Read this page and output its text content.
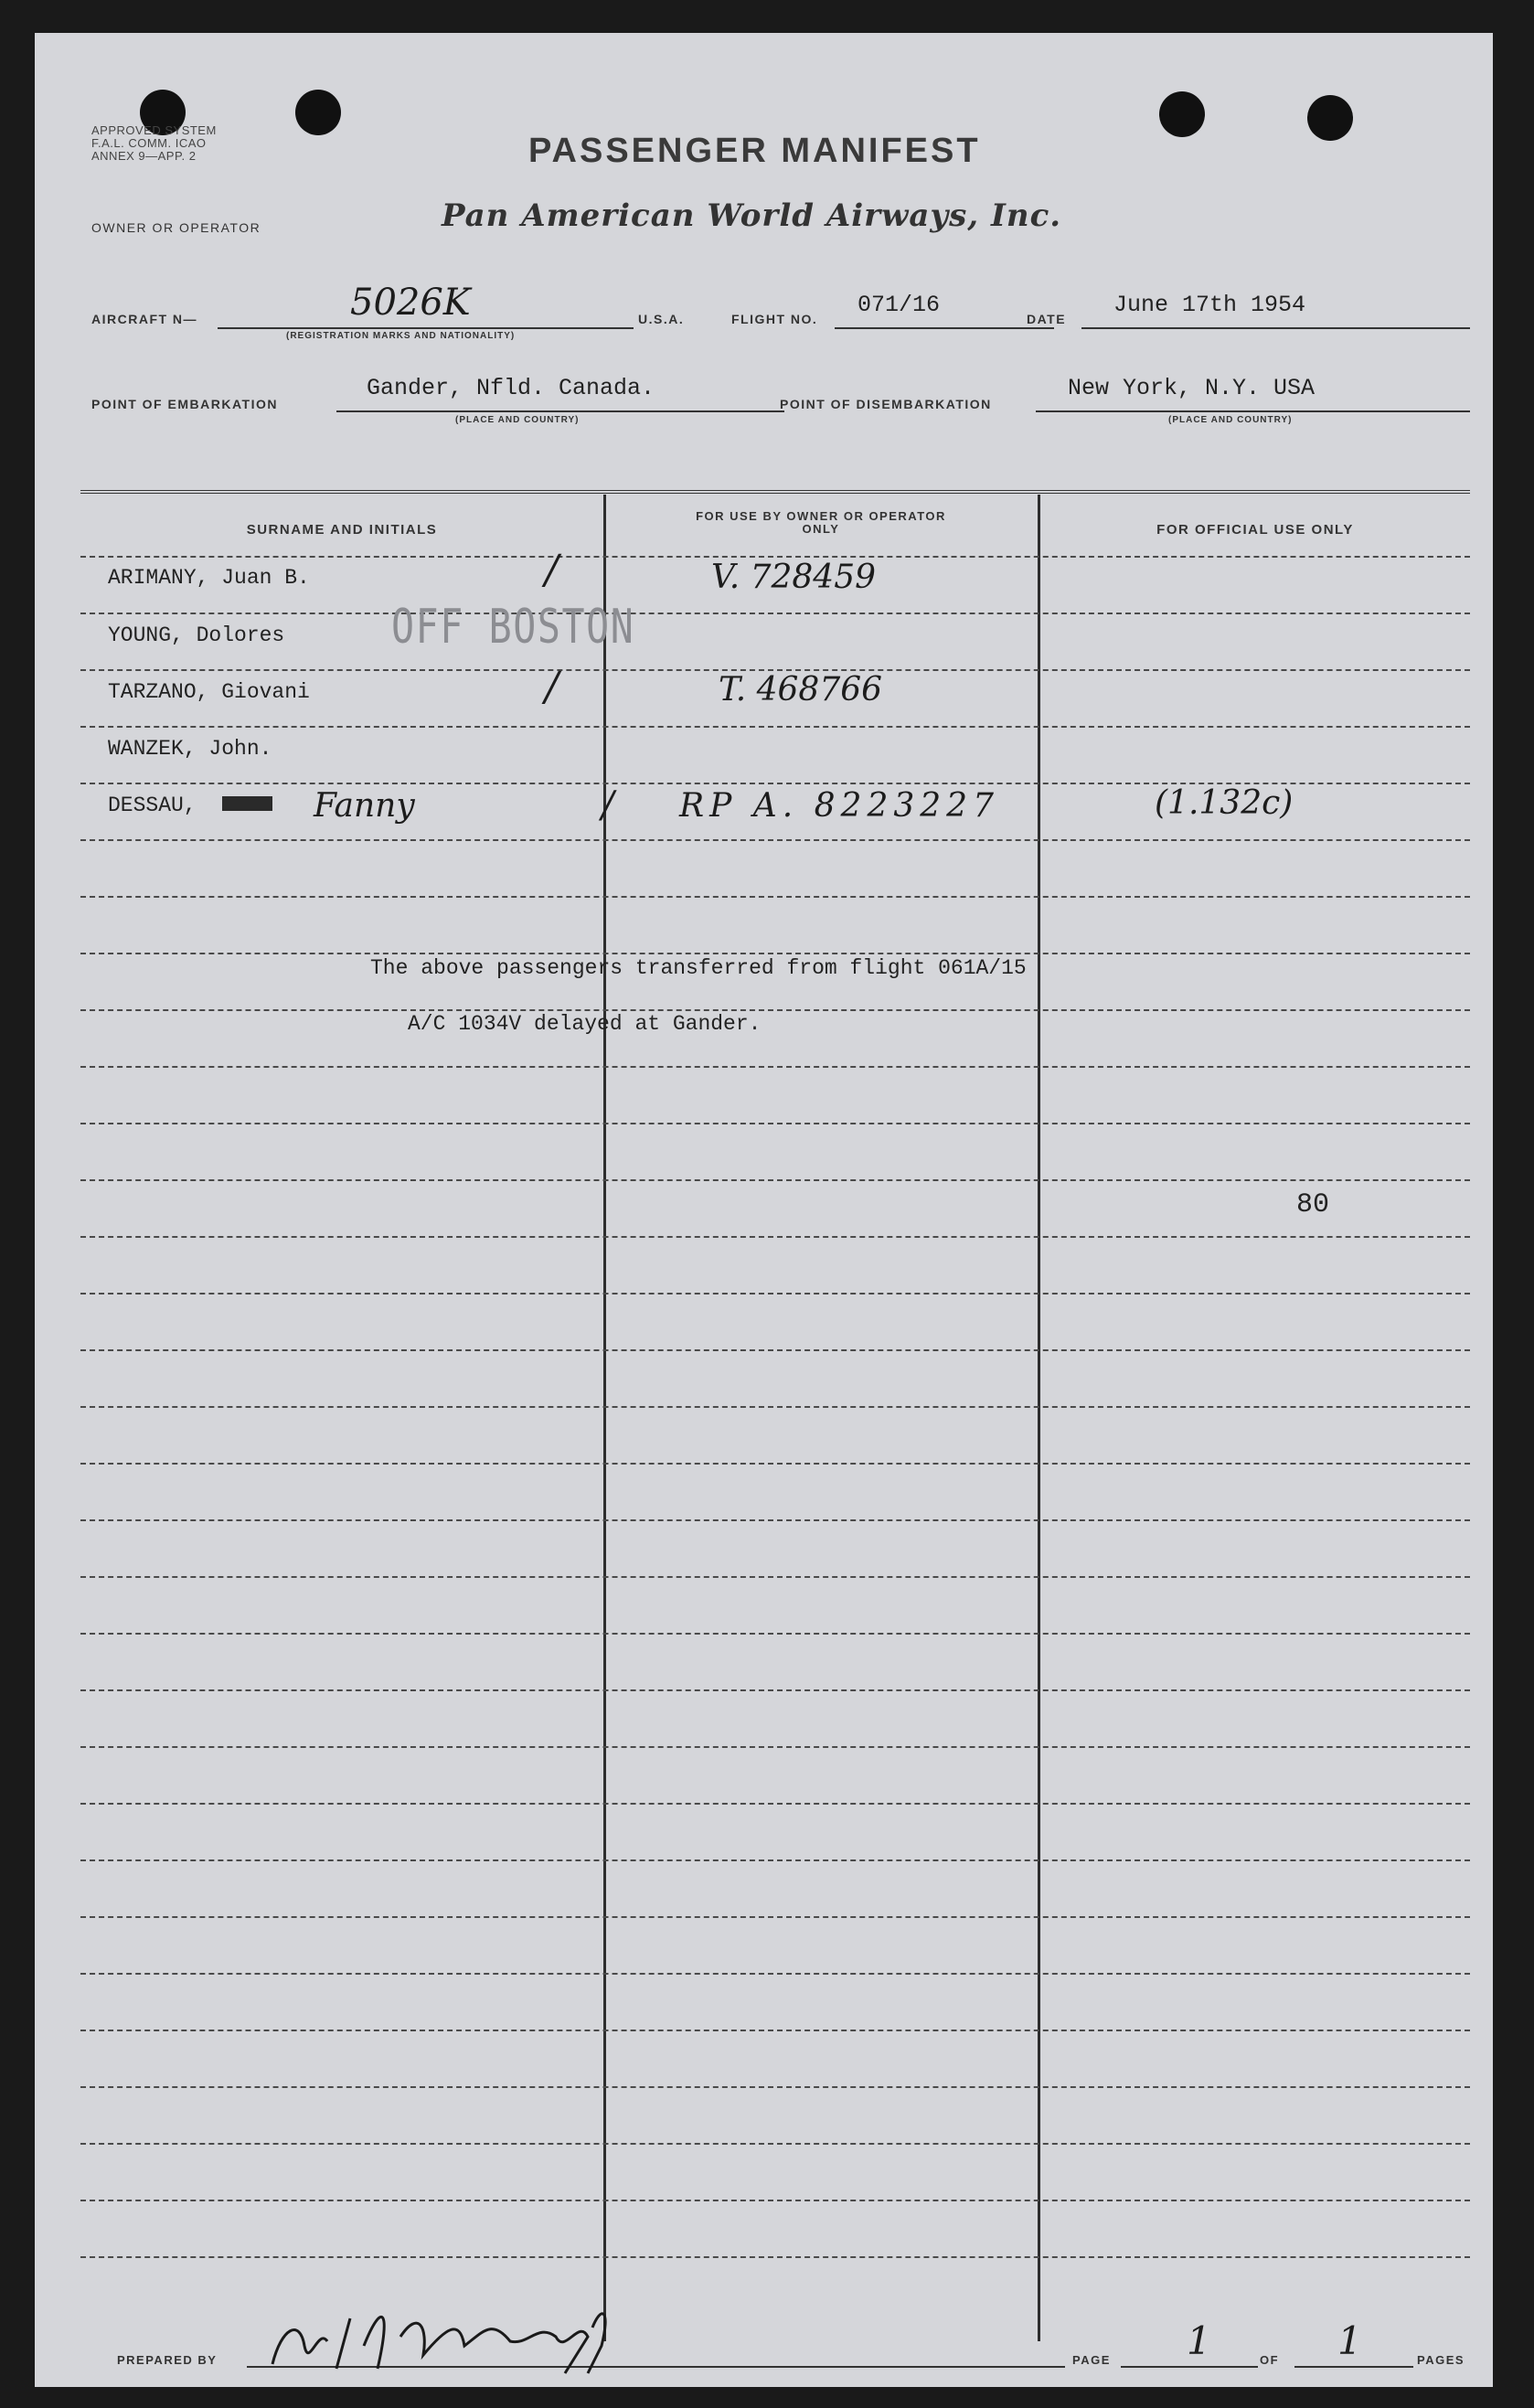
APPROVED SYSTEM F.A.L. COMM. ICAO ANNEX 9—APP. 2	PASSENGER MANIFEST
OWNER OR OPERATOR	Pan American World Airways, Inc.
AIRCRAFT N—	5026K
(REGISTRATION MARKS AND NATIONALITY)
U.S.A.	FLIGHT NO.
071/16
DATE
June 17th 1954
POINT OF EMBARKATION
Gander, Nfld. Canada.
(PLACE AND COUNTRY)
POINT OF DISEMBARKATION
New York, N.Y. USA
(PLACE AND COUNTRY)
SURNAME AND INITIALS
FOR USE BY OWNER OR OPERATOR ONLY	FOR OFFICIAL USE ONLY
ARIMANY, Juan B.	/	V. 728459
YOUNG, Dolores
TARZANO, Giovani	/	T. 468766
WANZEK, John.
DESSAU,	Fanny	/ RP A. 8223227	(1.132c)
OFF BOSTON
The above passengers transferred from flight 061A/15
A/C 1034V delayed at Gander.
80
PREPARED BY	PAGE 1	OF 1	PAGES
